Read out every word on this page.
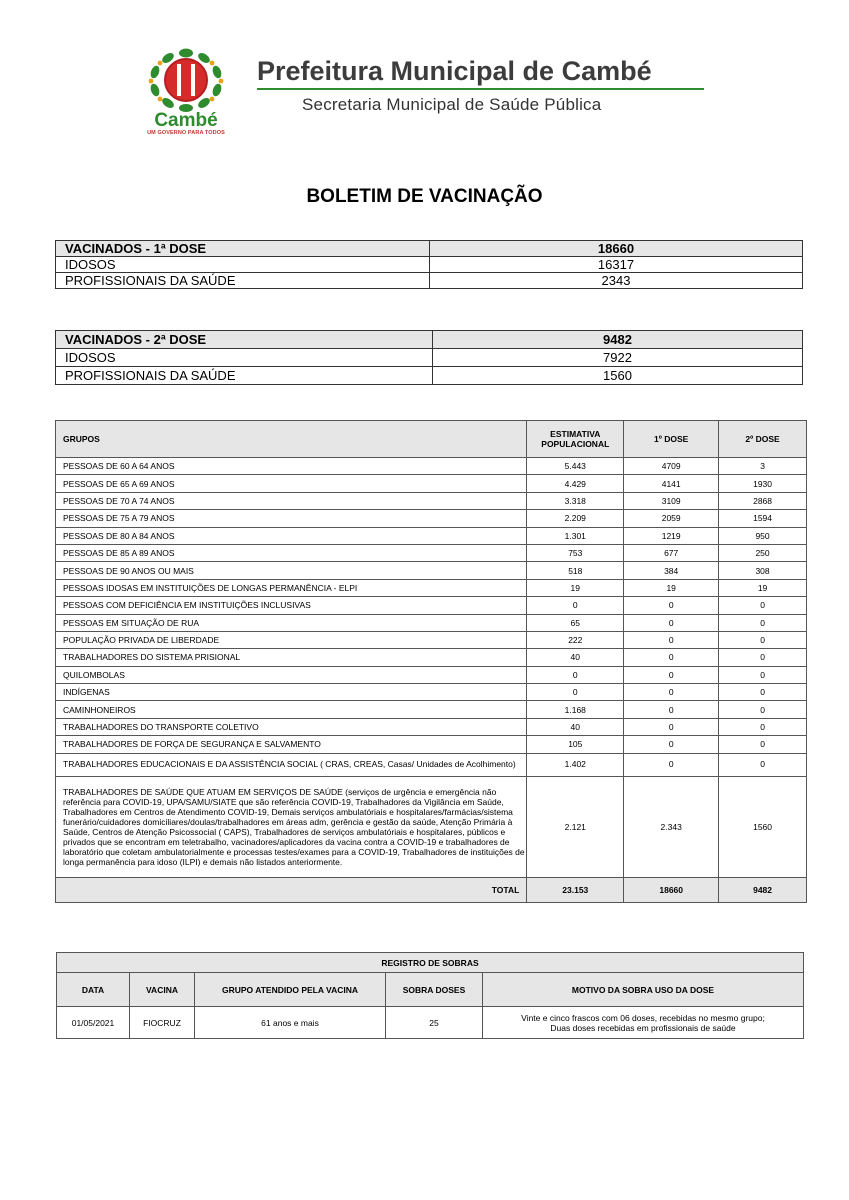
Cambé
UM GOVERNO PARA TODOS
Prefeitura Municipal de Cambé
Secretaria Municipal de Saúde Pública
BOLETIM DE VACINAÇÃO
VACINADOS - 1ª DOSE	18660
IDOSOS	16317
PROFISSIONAIS DA SAÚDE	2343
VACINADOS - 2ª DOSE	9482
IDOSOS	7922
PROFISSIONAIS DA SAÚDE	1560
GRUPOS	ESTIMATIVA POPULACIONAL	1º DOSE	2º DOSE
PESSOAS DE 60 A 64 ANOS	5.443	4709	3
PESSOAS DE 65 A 69 ANOS	4.429	4141	1930
PESSOAS DE 70 A 74 ANOS	3.318	3109	2868
PESSOAS DE 75 A 79 ANOS	2.209	2059	1594
PESSOAS DE 80 A 84 ANOS	1.301	1219	950
PESSOAS DE 85 A 89 ANOS	753	677	250
PESSOAS DE 90 ANOS OU MAIS	518	384	308
PESSOAS IDOSAS EM INSTITUIÇÕES DE LONGAS PERMANÊNCIA - ELPI	19	19	19
PESSOAS COM DEFICIÊNCIA EM INSTITUIÇÕES INCLUSIVAS	0	0	0
PESSOAS EM SITUAÇÃO DE RUA	65	0	0
POPULAÇÃO PRIVADA DE LIBERDADE	222	0	0
TRABALHADORES DO SISTEMA PRISIONAL	40	0	0
QUILOMBOLAS	0	0	0
INDÍGENAS	0	0	0
CAMINHONEIROS	1.168	0	0
TRABALHADORES DO TRANSPORTE COLETIVO	40	0	0
TRABALHADORES DE FORÇA DE SEGURANÇA E SALVAMENTO	105	0	0
TRABALHADORES EDUCACIONAIS E DA ASSISTÊNCIA SOCIAL ( CRAS, CREAS, Casas/ Unidades de Acolhimento)	1.402	0	0
TRABALHADORES DE SAÚDE QUE ATUAM EM SERVIÇOS DE SAÚDE (serviços de urgência e emergência não referência para COVID-19, UPA/SAMU/SIATE que são referência COVID-19, Trabalhadores da Vigilância em Saúde, Trabalhadores em Centros de Atendimento COVID-19, Demais serviços ambulatóriais e hospitalares/farmácias/sistema funerário/cuidadores domiciliares/doulas/trabalhadores em áreas adm, gerência e gestão da saúde, Atenção Primária à Saúde, Centros de Atenção Psicossocial ( CAPS), Trabalhadores de serviços ambulatóriais e hospitalares, públicos e privados que se encontram em teletrabalho, vacinadores/aplicadores da vacina contra a COVID-19 e trabalhadores de laboratório que coletam ambulatorialmente e processas testes/exames para a COVID-19, Trabalhadores de instituições de longa permanência para idoso (ILPI) e demais não listados anteriormente.	2.121	2.343	1560
TOTAL	23.153	18660	9482
REGISTRO DE SOBRAS				
DATA	VACINA	GRUPO ATENDIDO PELA VACINA	SOBRA DOSES	MOTIVO DA SOBRA USO DA DOSE
01/05/2021	FIOCRUZ	61 anos e mais	25	Vinte e cinco frascos com 06 doses, recebidas no mesmo grupo;
Duas doses recebidas em profissionais de saúde
